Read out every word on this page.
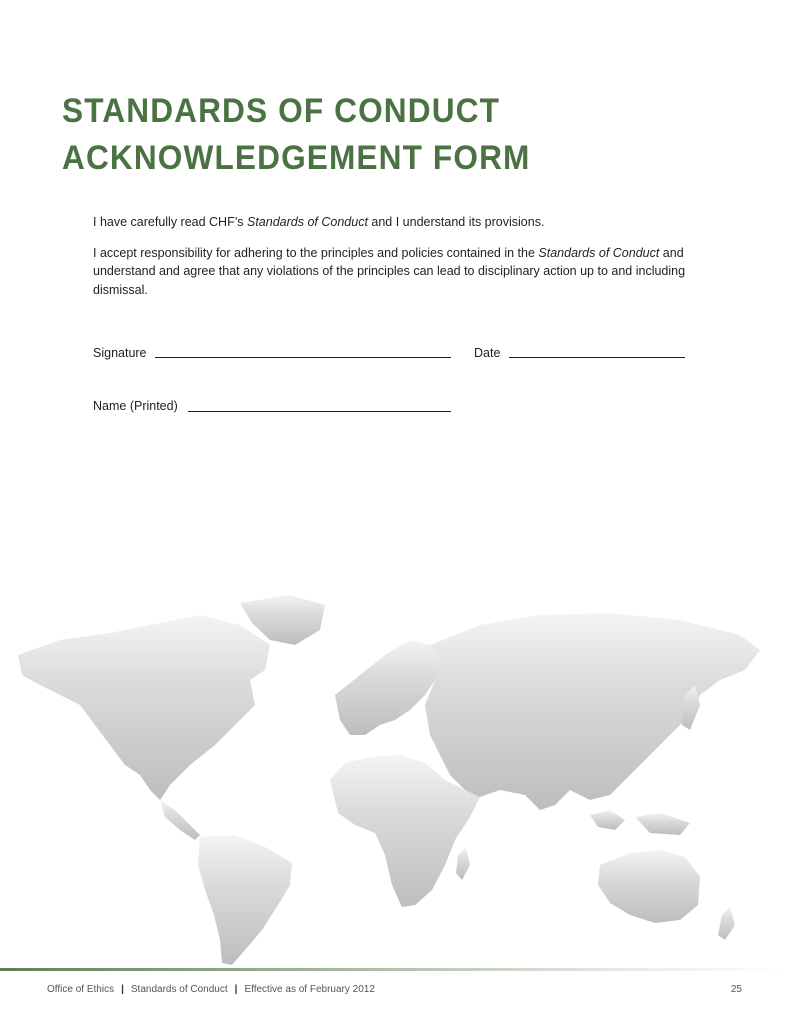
STANDARDS OF CONDUCT
ACKNOWLEDGEMENT FORM

I have carefully read CHF’s Standards of Conduct and I understand its provisions.

I accept responsibility for adhering to the principles and policies contained in the Standards of Conduct and understand and agree that any violations of the principles can lead to disciplinary action up to and including dismissal.

Signature	Date
Name (Printed)
Office of Ethics | Standards of Conduct | Effective as of February 2012	25
